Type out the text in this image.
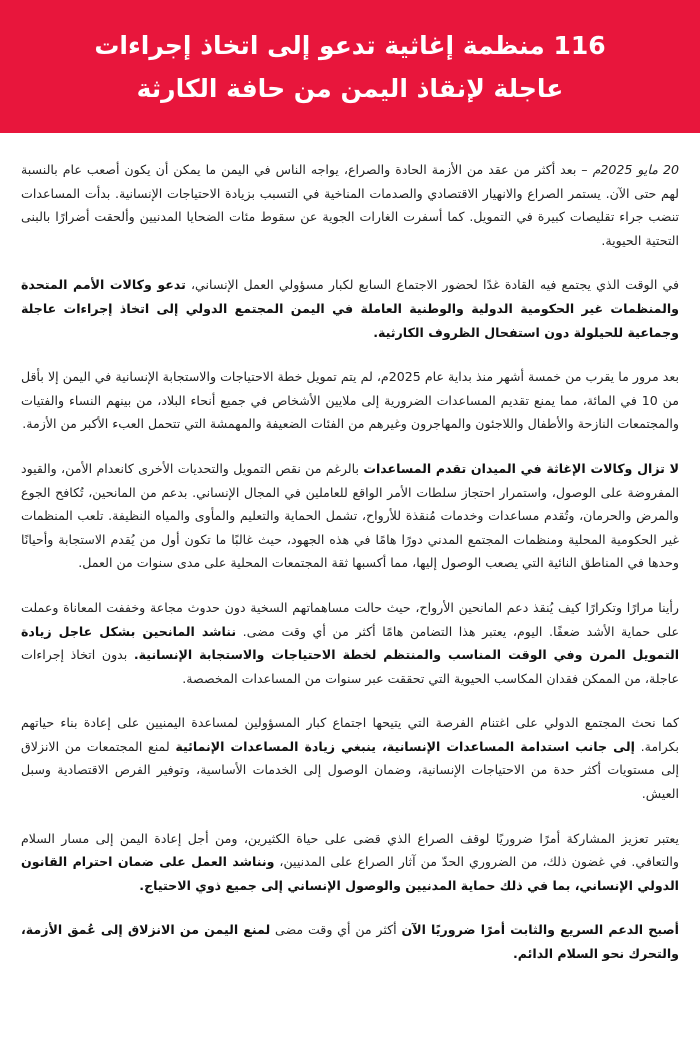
116 منظمة إغاثية تدعو إلى اتخاذ إجراءات
عاجلة لإنقاذ اليمن من حافة الكارثة

20 مايو 2025م – بعد أكثر من عقد من الأزمة الحادة والصراع، يواجه الناس في اليمن ما يمكن أن يكون أصعب عام بالنسبة لهم حتى الآن. يستمر الصراع والانهيار الاقتصادي والصدمات المناخية في التسبب بزيادة الاحتياجات الإنسانية. بدأت المساعدات تنضب جراء تقليصات كبيرة في التمويل. كما أسفرت الغارات الجوية عن سقوط مئات الضحايا المدنيين وألحقت أضرارًا بالبنى التحتية الحيوية.

في الوقت الذي يجتمع فيه القادة غدًا لحضور الاجتماع السابع لكبار مسؤولي العمل الإنساني، تدعو وكالات الأمم المتحدة والمنظمات غير الحكومية الدولية والوطنية العاملة في اليمن المجتمع الدولي إلى اتخاذ إجراءات عاجلة وجماعية للحيلولة دون استفحال الظروف الكارثية.

بعد مرور ما يقرب من خمسة أشهر منذ بداية عام 2025م، لم يتم تمويل خطة الاحتياجات والاستجابة الإنسانية في اليمن إلا بأقل من 10 في المائة، مما يمنع تقديم المساعدات الضرورية إلى ملايين الأشخاص في جميع أنحاء البلاد، من بينهم النساء والفتيات والمجتمعات النازحة والأطفال واللاجئون والمهاجرون وغيرهم من الفئات الضعيفة والمهمشة التي تتحمل العبء الأكبر من الأزمة.

لا تزال وكالات الإغاثة في الميدان تقدم المساعدات بالرغم من نقص التمويل والتحديات الأخرى كانعدام الأمن، والقيود المفروضة على الوصول، واستمرار احتجاز سلطات الأمر الواقع للعاملين في المجال الإنساني. بدعم من المانحين، تُكافح الجوع والمرض والحرمان، وتُقدم مساعدات وخدمات مُنقذة للأرواح، تشمل الحماية والتعليم والمأوى والمياه النظيفة. تلعب المنظمات غير الحكومية المحلية ومنظمات المجتمع المدني دورًا هامًا في هذه الجهود، حيث غالبًا ما تكون أول من يُقدم الاستجابة وأحيانًا وحدها في المناطق النائية التي يصعب الوصول إليها، مما أكسبها ثقة المجتمعات المحلية على مدى سنوات من العمل.

رأينا مرارًا وتكرارًا كيف يُنقذ دعم المانحين الأرواح، حيث حالت مساهماتهم السخية دون حدوث مجاعة وخففت المعاناة وعملت على حماية الأشد ضعفًا. اليوم، يعتبر هذا التضامن هامًا أكثر من أي وقت مضى. نناشد المانحين بشكل عاجل زيادة التمويل المرن وفي الوقت المناسب والمنتظم لخطة الاحتياجات والاستجابة الإنسانية. بدون اتخاذ إجراءات عاجلة، من الممكن فقدان المكاسب الحيوية التي تحققت عبر سنوات من المساعدات المخصصة.

كما نحث المجتمع الدولي على اغتنام الفرصة التي يتيحها اجتماع كبار المسؤولين لمساعدة اليمنيين على إعادة بناء حياتهم بكرامة. إلى جانب استدامة المساعدات الإنسانية، ينبغي زيادة المساعدات الإنمائية لمنع المجتمعات من الانزلاق إلى مستويات أكثر حدة من الاحتياجات الإنسانية، وضمان الوصول إلى الخدمات الأساسية، وتوفير الفرص الاقتصادية وسبل العيش.

يعتبر تعزيز المشاركة أمرًا ضروريًا لوقف الصراع الذي قضى على حياة الكثيرين، ومن أجل إعادة اليمن إلى مسار السلام والتعافي. في غضون ذلك، من الضروري الحدّ من آثار الصراع على المدنيين، ونناشد العمل على ضمان احترام القانون الدولي الإنساني، بما في ذلك حماية المدنيين والوصول الإنساني إلى جميع ذوي الاحتياج.

أصبح الدعم السريع والثابت أمرًا ضروريًا الآن أكثر من أي وقت مضى لمنع اليمن من الانزلاق إلى عُمق الأزمة، والتحرك نحو السلام الدائم.
